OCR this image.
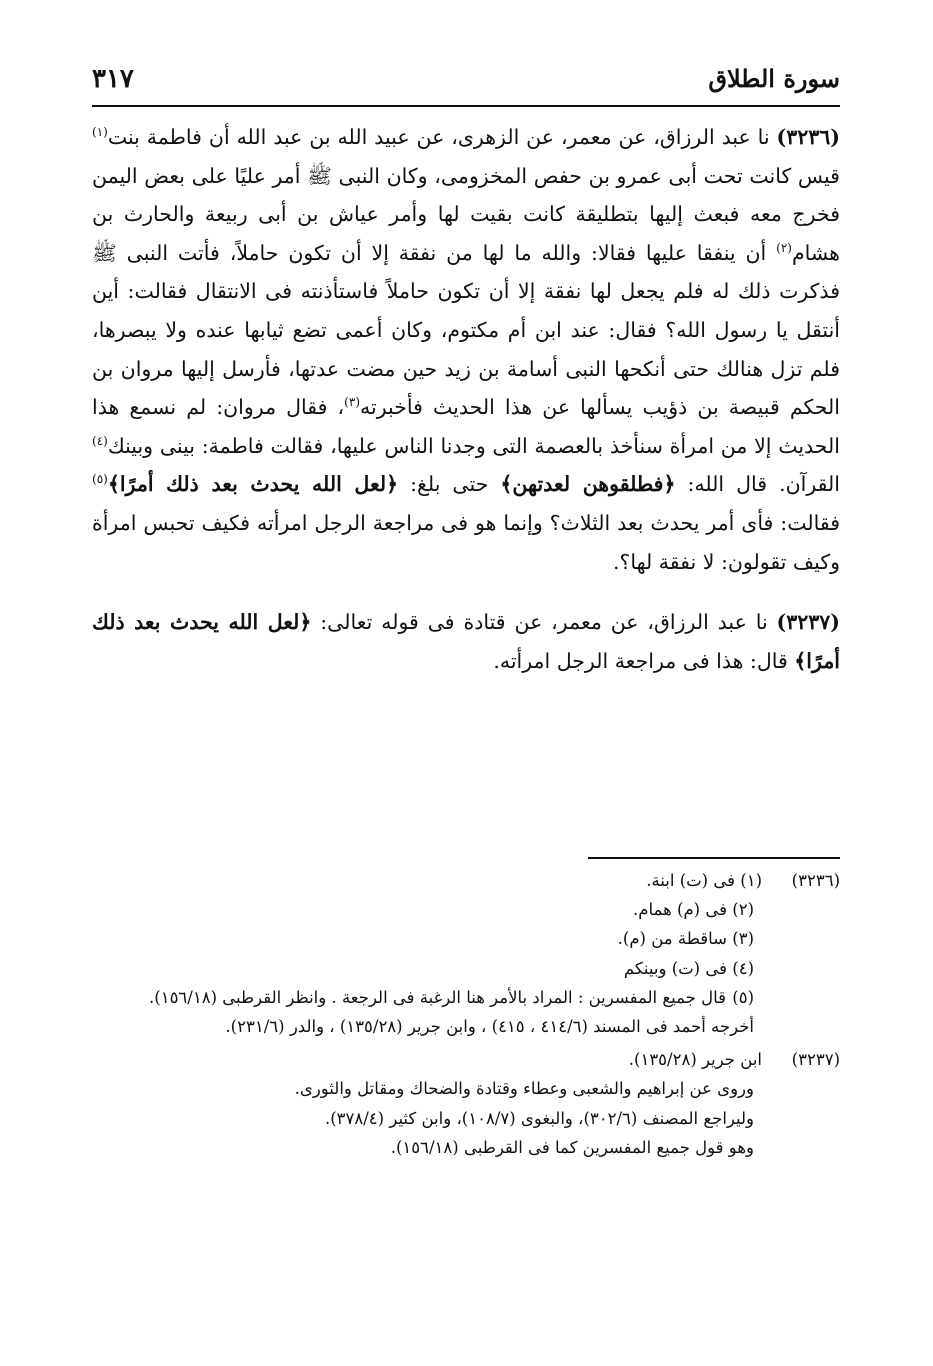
سورة الطلاق
٣١٧

(٣٢٣٦) نا عبد الرزاق، عن معمر، عن الزهرى، عن عبيد الله بن عبد الله أن فاطمة بنت$^{(١)}$ قيس كانت تحت أبى عمرو بن حفص المخزومى، وكان النبى ﷺ أمر عليًا على بعض اليمن فخرج معه فبعث إليها بتطليقة كانت بقيت لها وأمر عياش بن أبى ربيعة والحارث بن هشام$^{(٢)}$ أن ينفقا عليها فقالا: والله ما لها من نفقة إلا أن تكون حاملاً، فأتت النبى ﷺ فذكرت ذلك له فلم يجعل لها نفقة إلا أن تكون حاملاً فاستأذنته فى الانتقال فقالت: أين أنتقل يا رسول الله؟ فقال: عند ابن أم مكتوم، وكان أعمى تضع ثيابها عنده ولا يبصرها، فلم تزل هنالك حتى أنكحها النبى أسامة بن زيد حين مضت عدتها، فأرسل إليها مروان بن الحكم قبيصة بن ذؤيب يسألها عن هذا الحديث فأخبرته$^{(٣)}$، فقال مروان: لم نسمع هذا الحديث إلا من امرأة سنأخذ بالعصمة التى وجدنا الناس عليها، فقالت فاطمة: بينى وبينك$^{(٤)}$ القرآن. قال الله: ﴿فطلقوهن لعدتهن﴾ حتى بلغ: ﴿لعل الله يحدث بعد ذلك أمرًا﴾$^{(٥)}$ فقالت: فأى أمر يحدث بعد الثلاث؟ وإنما هو فى مراجعة الرجل امرأته فكيف تحبس امرأة وكيف تقولون: لا نفقة لها؟.

(٣٢٣٧) نا عبد الرزاق، عن معمر، عن قتادة فى قوله تعالى: ﴿لعل الله يحدث بعد ذلك أمرًا﴾ قال: هذا فى مراجعة الرجل امرأته.

(٣٢٣٦)
(١) فى (ت) ابنة.
(٢) فى (م) همام.
(٣) ساقطة من (م).
(٤) فى (ت) وبينكم
(٥)
قال جميع المفسرين : المراد بالأمر هنا الرغبة فى الرجعة . وانظر القرطبى (١٥٦/١٨).
أخرجه أحمد فى المسند (٤١٤/٦ ، ٤١٥) ، وابن جرير (١٣٥/٢٨) ، والدر (٢٣١/٦).
(٣٢٣٧)
ابن جرير (١٣٥/٢٨).
وروى عن إبراهيم والشعبى وعطاء وقتادة والضحاك ومقاتل والثورى.
وليراجع المصنف (٣٠٢/٦)، والبغوى (١٠٨/٧)، وابن كثير (٣٧٨/٤).
وهو قول جميع المفسرين كما فى القرطبى (١٥٦/١٨).
